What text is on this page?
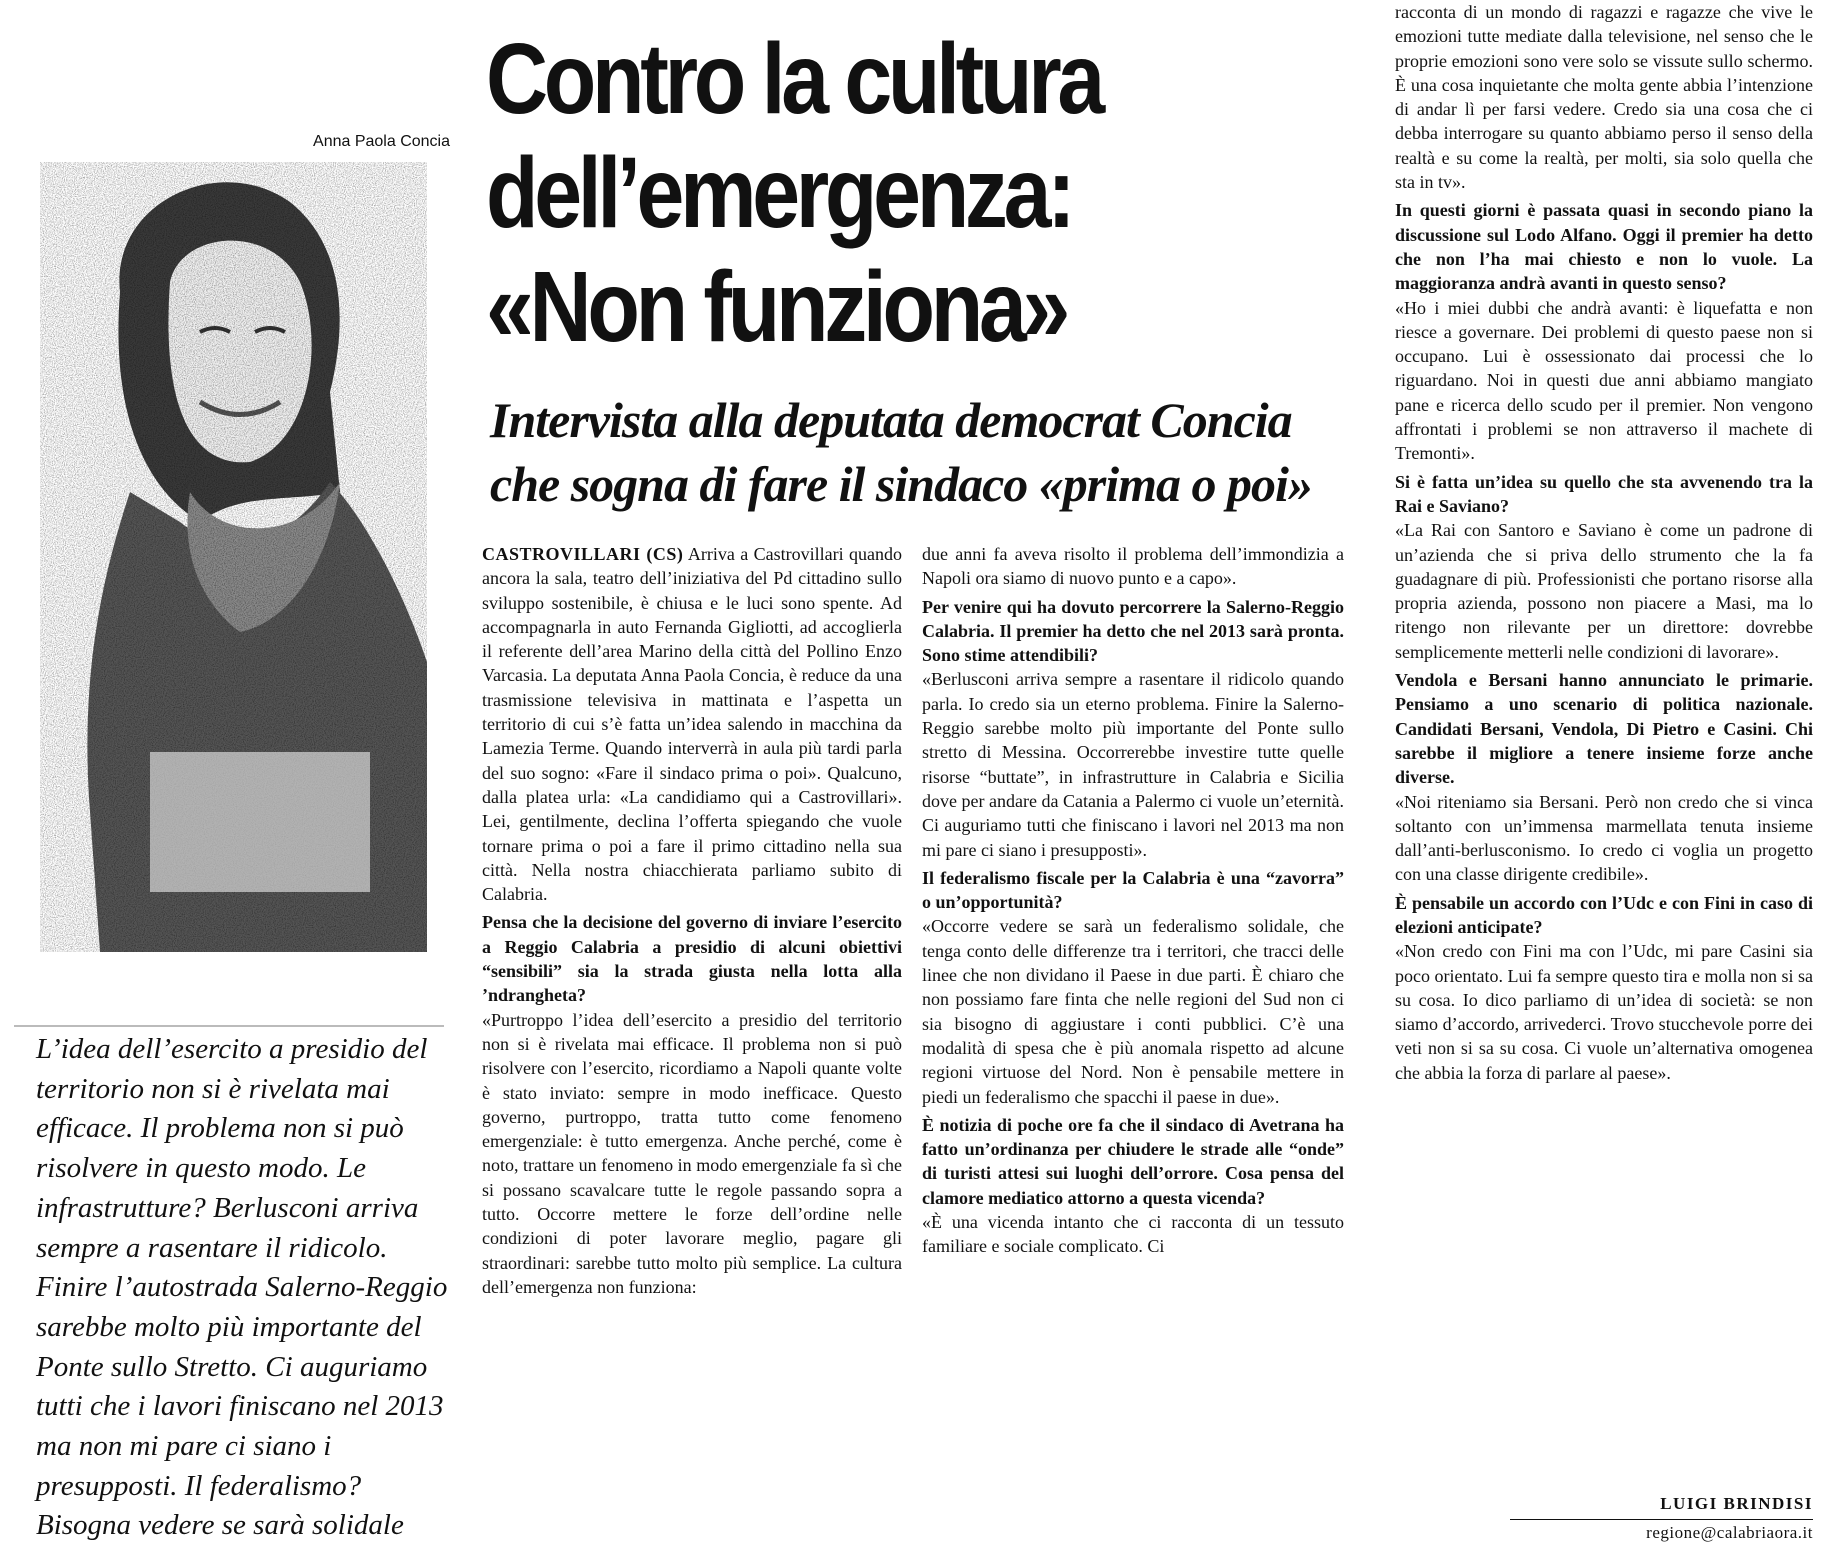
Contro la cultura
dell’emergenza:
«Non funziona»
Intervista alla deputata democrat Concia
che sogna di fare il sindaco «prima o poi»
Anna Paola Concia

L’idea dell’esercito a presidio del territorio non si è rivelata mai efficace. Il problema non si può risolvere in questo modo. Le infrastrutture? Berlusconi arriva sempre a rasentare il ridicolo. Finire l’autostrada Salerno-Reggio sarebbe molto più importante del Ponte sullo Stretto. Ci auguriamo tutti che i lavori finiscano nel 2013 ma non mi pare ci siano i presupposti. Il federalismo? Bisogna vedere se sarà solidale

CASTROVILLARI (CS) Arriva a Castrovillari quando ancora la sala, teatro dell’iniziativa del Pd cittadino sullo sviluppo sostenibile, è chiusa e le luci sono spente. Ad accompagnarla in auto Fernanda Gigliotti, ad accoglierla il referente dell’area Marino della città del Pollino Enzo Varcasia. La deputata Anna Paola Concia, è reduce da una trasmissione televisiva in mattinata e l’aspetta un territorio di cui s’è fatta un’idea salendo in macchina da Lamezia Terme. Quando interverrà in aula più tardi parla del suo sogno: «Fare il sindaco prima o poi». Qualcuno, dalla platea urla: «La candidiamo qui a Castrovillari». Lei, gentilmente, declina l’offerta spiegando che vuole tornare prima o poi a fare il primo cittadino nella sua città. Nella nostra chiacchierata parliamo subito di Calabria.

Pensa che la decisione del governo di inviare l’esercito a Reggio Calabria a presidio di alcuni obiettivi “sensibili” sia la strada giusta nella lotta alla ’ndrangheta?

«Purtroppo l’idea dell’esercito a presidio del territorio non si è rivelata mai efficace. Il problema non si può risolvere con l’esercito, ricordiamo a Napoli quante volte è stato inviato: sempre in modo inefficace. Questo governo, purtroppo, tratta tutto come fenomeno emergenziale: è tutto emergenza. Anche perché, come è noto, trattare un fenomeno in modo emergenziale fa sì che si possano scavalcare tutte le regole passando sopra a tutto. Occorre mettere le forze dell’ordine nelle condizioni di poter lavorare meglio, pagare gli straordinari: sarebbe tutto molto più semplice. La cultura dell’emergenza non funziona:

due anni fa aveva risolto il problema dell’immondizia a Napoli ora siamo di nuovo punto e a capo».

Per venire qui ha dovuto percorrere la Salerno-Reggio Calabria. Il premier ha detto che nel 2013 sarà pronta. Sono stime attendibili?

«Berlusconi arriva sempre a rasentare il ridicolo quando parla. Io credo sia un eterno problema. Finire la Salerno-Reggio sarebbe molto più importante del Ponte sullo stretto di Messina. Occorrerebbe investire tutte quelle risorse “buttate”, in infrastrutture in Calabria e Sicilia dove per andare da Catania a Palermo ci vuole un’eternità. Ci auguriamo tutti che finiscano i lavori nel 2013 ma non mi pare ci siano i presupposti».

Il federalismo fiscale per la Calabria è una “zavorra” o un’opportunità?

«Occorre vedere se sarà un federalismo solidale, che tenga conto delle differenze tra i territori, che tracci delle linee che non dividano il Paese in due parti. È chiaro che non possiamo fare finta che nelle regioni del Sud non ci sia bisogno di aggiustare i conti pubblici. C’è una modalità di spesa che è più anomala rispetto ad alcune regioni virtuose del Nord. Non è pensabile mettere in piedi un federalismo che spacchi il paese in due».

È notizia di poche ore fa che il sindaco di Avetrana ha fatto un’ordinanza per chiudere le strade alle “onde” di turisti attesi sui luoghi dell’orrore. Cosa pensa del clamore mediatico attorno a questa vicenda?

«È una vicenda intanto che ci racconta di un tessuto familiare e sociale complicato. Ci

racconta di un mondo di ragazzi e ragazze che vive le emozioni tutte mediate dalla televisione, nel senso che le proprie emozioni sono vere solo se vissute sullo schermo. È una cosa inquietante che molta gente abbia l’intenzione di andar lì per farsi vedere. Credo sia una cosa che ci debba interrogare su quanto abbiamo perso il senso della realtà e su come la realtà, per molti, sia solo quella che sta in tv».

In questi giorni è passata quasi in secondo piano la discussione sul Lodo Alfano. Oggi il premier ha detto che non l’ha mai chiesto e non lo vuole. La maggioranza andrà avanti in questo senso?

«Ho i miei dubbi che andrà avanti: è liquefatta e non riesce a governare. Dei problemi di questo paese non si occupano. Lui è ossessionato dai processi che lo riguardano. Noi in questi due anni abbiamo mangiato pane e ricerca dello scudo per il premier. Non vengono affrontati i problemi se non attraverso il machete di Tremonti».

Si è fatta un’idea su quello che sta avvenendo tra la Rai e Saviano?

«La Rai con Santoro e Saviano è come un padrone di un’azienda che si priva dello strumento che la fa guadagnare di più. Professionisti che portano risorse alla propria azienda, possono non piacere a Masi, ma lo ritengo non rilevante per un direttore: dovrebbe semplicemente metterli nelle condizioni di lavorare».

Vendola e Bersani hanno annunciato le primarie. Pensiamo a uno scenario di politica nazionale. Candidati Bersani, Vendola, Di Pietro e Casini. Chi sarebbe il migliore a tenere insieme forze anche diverse.

«Noi riteniamo sia Bersani. Però non credo che si vinca soltanto con un’immensa marmellata tenuta insieme dall’anti-berlusconismo. Io credo ci voglia un progetto con una classe dirigente credibile».

È pensabile un accordo con l’Udc e con Fini in caso di elezioni anticipate?

«Non credo con Fini ma con l’Udc, mi pare Casini sia poco orientato. Lui fa sempre questo tira e molla non si sa su cosa. Io dico parliamo di un’idea di società: se non siamo d’accordo, arrivederci. Trovo stucchevole porre dei veti non si sa su cosa. Ci vuole un’alternativa omogenea che abbia la forza di parlare al paese».

LUIGI BRINDISI
regione@calabriaora.it
